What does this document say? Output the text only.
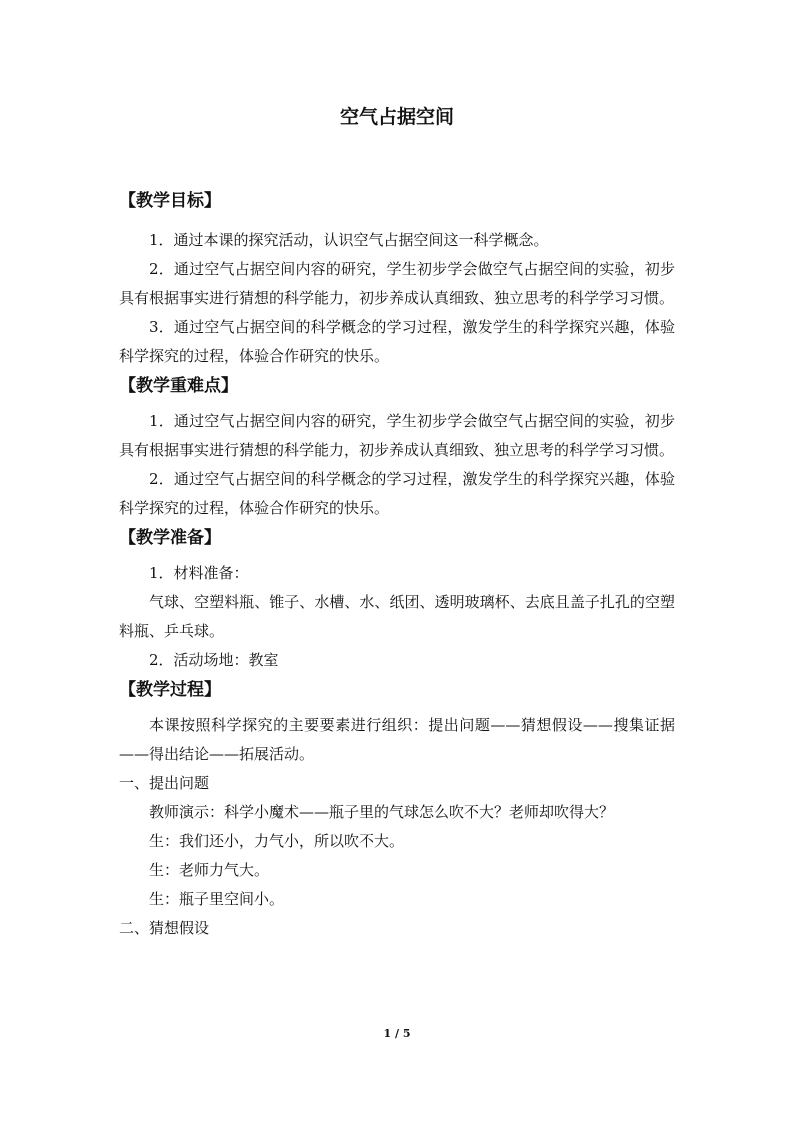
空气占据空间
【教学目标】

1．通过本课的探究活动，认识空气占据空间这一科学概念。

2．通过空气占据空间内容的研究，学生初步学会做空气占据空间的实验，初步具有根据事实进行猜想的科学能力，初步养成认真细致、独立思考的科学学习习惯。

3．通过空气占据空间的科学概念的学习过程，激发学生的科学探究兴趣，体验科学探究的过程，体验合作研究的快乐。

【教学重难点】

1．通过空气占据空间内容的研究，学生初步学会做空气占据空间的实验，初步具有根据事实进行猜想的科学能力，初步养成认真细致、独立思考的科学学习习惯。

2．通过空气占据空间的科学概念的学习过程，激发学生的科学探究兴趣，体验科学探究的过程，体验合作研究的快乐。

【教学准备】

1．材料准备：

气球、空塑料瓶、锥子、水槽、水、纸团、透明玻璃杯、去底且盖子扎孔的空塑料瓶、乒乓球。

2．活动场地：教室

【教学过程】

本课按照科学探究的主要要素进行组织：提出问题——猜想假设——搜集证据——得出结论——拓展活动。

一、提出问题

教师演示：科学小魔术——瓶子里的气球怎么吹不大？老师却吹得大？

生：我们还小，力气小，所以吹不大。

生：老师力气大。

生：瓶子里空间小。

二、猜想假设

1 / 5
